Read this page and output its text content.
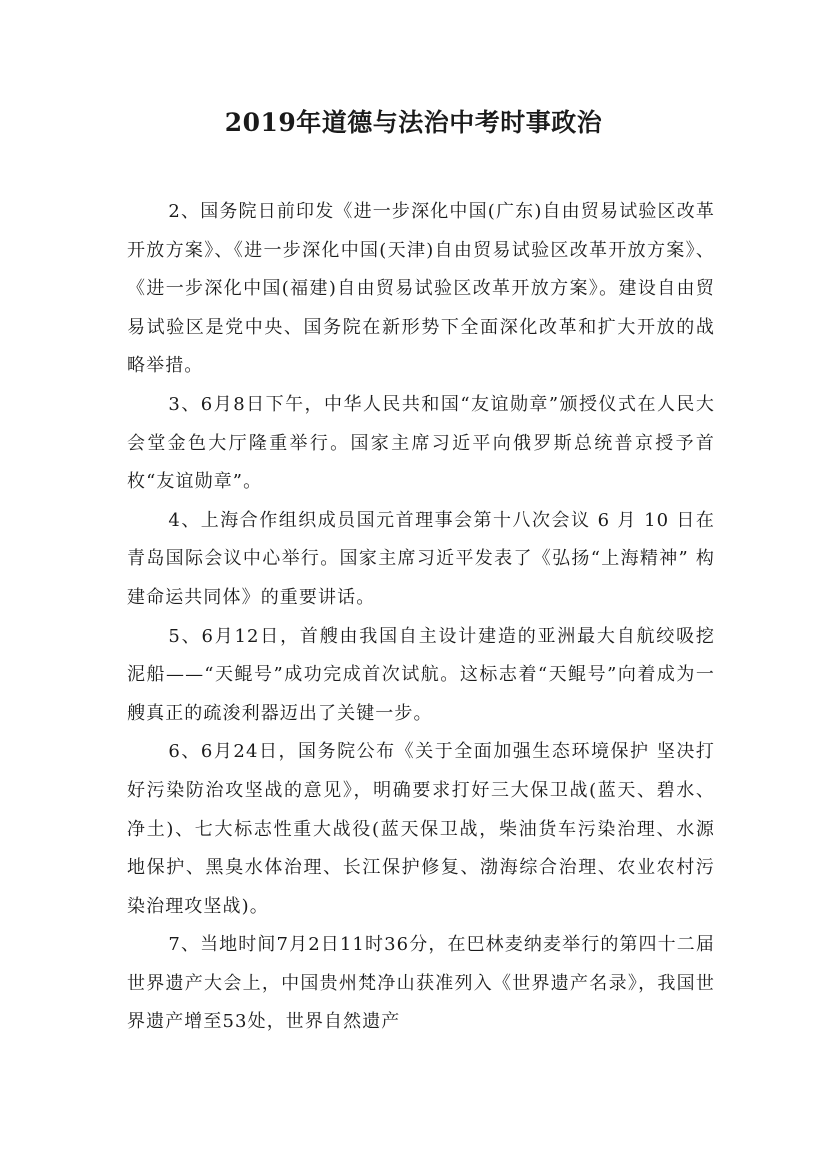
2019年道德与法治中考时事政治

2、国务院日前印发《进一步深化中国(广东)自由贸易试验区改革开放方案》、《进一步深化中国(天津)自由贸易试验区改革开放方案》、《进一步深化中国(福建)自由贸易试验区改革开放方案》。建设自由贸易试验区是党中央、国务院在新形势下全面深化改革和扩大开放的战略举措。

3、6月8日下午，中华人民共和国“友谊勋章”颁授仪式在人民大会堂金色大厅隆重举行。国家主席习近平向俄罗斯总统普京授予首枚“友谊勋章”。

4、上海合作组织成员国元首理事会第十八次会议 6 月 10 日在青岛国际会议中心举行。国家主席习近平发表了《弘扬“上海精神” 构建命运共同体》的重要讲话。

5、6月12日，首艘由我国自主设计建造的亚洲最大自航绞吸挖泥船——“天鲲号”成功完成首次试航。这标志着“天鲲号”向着成为一艘真正的疏浚利器迈出了关键一步。

6、6月24日，国务院公布《关于全面加强生态环境保护 坚决打好污染防治攻坚战的意见》，明确要求打好三大保卫战(蓝天、碧水、净土)、七大标志性重大战役(蓝天保卫战，柴油货车污染治理、水源地保护、黑臭水体治理、长江保护修复、渤海综合治理、农业农村污染治理攻坚战)。

7、当地时间7月2日11时36分，在巴林麦纳麦举行的第四十二届世界遗产大会上，中国贵州梵净山获准列入《世界遗产名录》，我国世界遗产增至53处，世界自然遗产
